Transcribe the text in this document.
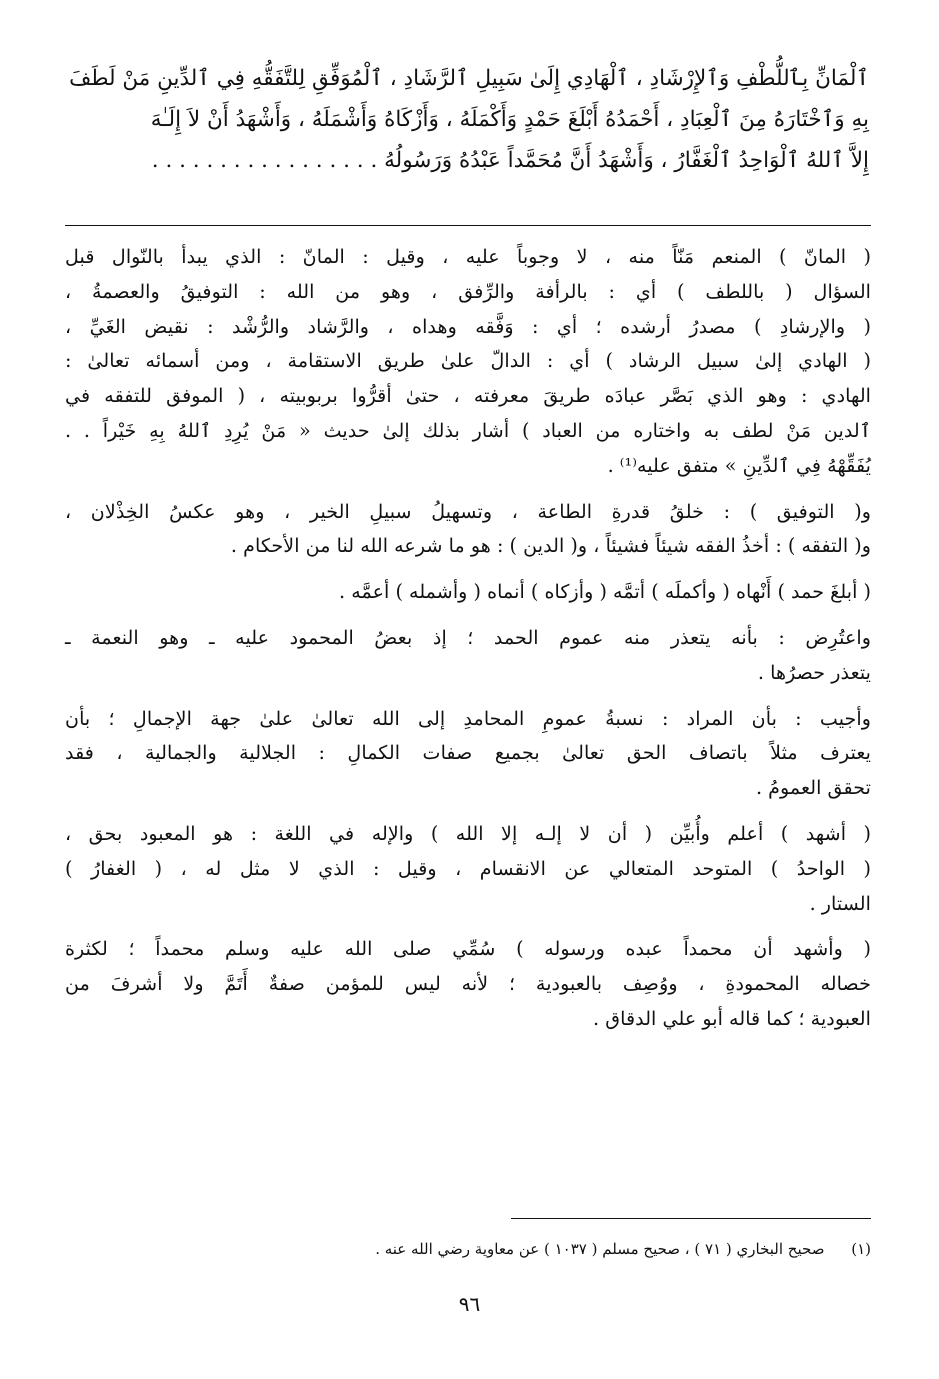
ٱلْمَانِّ بِٱللُّطْفِ وَٱلإِرْشَادِ ، ٱلْهَادِي إِلَىٰ سَبِيلِ ٱلرَّشَادِ ، ٱلْمُوَفِّقِ لِلتَّفَقُّهِ فِي ٱلدِّينِ مَنْ لَطَفَ
بِهِ وَٱخْتَارَهُ مِنَ ٱلْعِبَادِ ، أَحْمَدُهُ أَبْلَغَ حَمْدٍ وَأَكْمَلَهُ ، وَأَزْكَاهُ وَأَشْمَلَهُ ، وَأَشْهَدُ أَنْ لاَ إِلَـٰهَ
إِلاَّ ٱللهُ ٱلْوَاحِدُ ٱلْغَفَّارُ ، وَأَشْهَدُ أَنَّ مُحَمَّداً عَبْدُهُ وَرَسُولُهُ . . . . . . . . . . . . . . . . .
( المانّ ) المنعم مَنّاً منه ، لا وجوباً عليه ، وقيل : المانّ : الذي يبدأ بالنّوال قبل
السؤال ( باللطف ) أي : بالرأفة والرِّفق ، وهو من الله : التوفيقُ والعصمةُ ،
( والإرشادِ ) مصدرُ أرشده ؛ أي : وَفَّقه وهداه ، والرَّشاد والرُّشْد : نقيض الغَيِّ ،
( الهادي إلىٰ سبيل الرشاد ) أي : الدالّ علىٰ طريق الاستقامة ، ومن أسمائه تعالىٰ :
الهادي : وهو الذي بَصَّر عبادَه طريقَ معرفته ، حتىٰ أقرُّوا بربوبيته ، ( الموفق للتفقه في
ٱلدين مَنْ لطف به واختاره من العباد ) أشار بذلك إلىٰ حديث « مَنْ يُرِدِ ٱللهُ بِهِ خَيْراً . .
يُفَقِّهْهُ فِي ٱلدِّينِ » متفق عليه⁽¹⁾ .
و( التوفيق ) : خلقُ قدرةِ الطاعة ، وتسهيلُ سبيلِ الخير ، وهو عكسُ الخِذْلان ،
و( التفقه ) : أخذُ الفقه شيئاً فشيئاً ، و( الدين ) : هو ما شرعه الله لنا من الأحكام .
( أبلغَ حمد ) أَنْهاه ( وأكملَه ) أتمَّه ( وأزكاه ) أنماه ( وأشمله ) أعمَّه .
واعتُرِض : بأنه يتعذر منه عموم الحمد ؛ إذ بعضُ المحمود عليه ـ وهو النعمة ـ
يتعذر حصرُها .
وأجيب : بأن المراد : نسبةُ عمومِ المحامدِ إلى الله تعالىٰ علىٰ جهة الإجمالِ ؛ بأن
يعترف مثلاً باتصاف الحق تعالىٰ بجميع صفات الكمالِ : الجلالية والجمالية ، فقد
تحقق العمومُ .
( أشهد ) أعلم وأُبيِّن ( أن لا إلـه إلا الله ) والإله في اللغة : هو المعبود بحق ،
( الواحدُ ) المتوحد المتعالي عن الانقسام ، وقيل : الذي لا مثل له ، ( الغفارُ )
الستار .
( وأشهد أن محمداً عبده ورسوله ) سُمِّي صلى الله عليه وسلم محمداً ؛ لكثرة
خصاله المحمودةِ ، ووُصِف بالعبودية ؛ لأنه ليس للمؤمن صفةٌ أَتَمَّ ولا أشرفَ من
العبودية ؛ كما قاله أبو علي الدقاق .
(١) صحيح البخاري ( ٧١ ) ، صحيح مسلم ( ١٠٣٧ ) عن معاوية رضي الله عنه .
٩٦
